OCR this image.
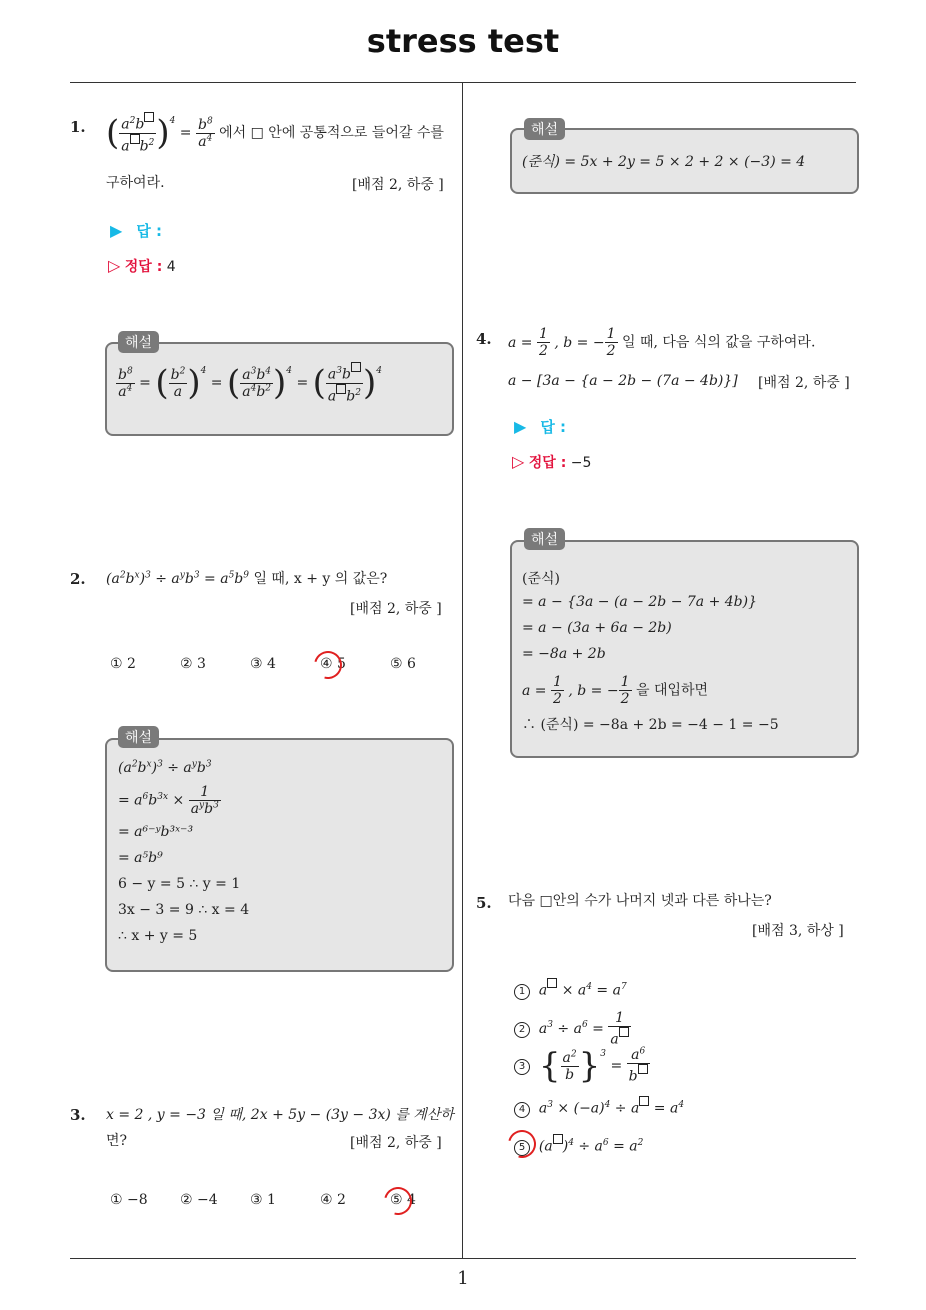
stress test
1. ( $\frac{a^2b}{a b^2} )^4 = \frac{b^8}{a^4}$ 에서 □ 안에 공통적으로 들어갈 수를
구하여라.	[배점 2, 하중 ]
▶ 답 :
▷ 정답 : 4
해설
$\frac{b^8}{a^4}$ = ( $\frac{b^2}{a} )^4$ = ( $\frac{a^3b^4}{a^4b^2} )^4$ = ( $\frac{a^3b}{a b^2} )^4$
2. $(a^2b^x)^3 \div a^yb^3 = a^5b^9$ 일 때, x + y 의 값은?
[배점 2, 하중 ]
① 2	② 3	③ 4	④ 5	⑤ 6
해설
$(a^2b^x)^3 \div a^yb^3$
= $a^6b^{3x} \times \frac{1}{a^yb^3}$
= a⁶⁻ʸb³ˣ⁻³
= a⁵b⁹
6 − y = 5 ∴ y = 1
3x − 3 = 9 ∴ x = 4
∴ x + y = 5
3. x = 2 , y = −3 일 때, 2x + 5y − (3y − 3x) 를 계산하
면?	[배점 2, 하중 ]
① −8 ② −4 ③ 1	④ 2	⑤ 4
해설
(준식) = 5x + 2y = 5 × 2 + 2 × (−3) = 4
4. $a = \frac{1}{2}$ , b = − $\frac{1}{2}$ 일 때, 다음 식의 값을 구하여라.
a − [3a − {a − 2b − (7a − 4b)}] [배점 2, 하중 ]
▶ 답 :
▷ 정답 : −5
해설
(준식)
= a − {3a − (a − 2b − 7a + 4b)}
= a − (3a + 6a − 2b)
= −8a + 2b
$a = \frac{1}{2}$ , b = − $\frac{1}{2}$ 을 대입하면
∴ (준식) = −8a + 2b = −4 − 1 = −5
5. 다음 □안의 수가 나머지 넷과 다른 하나는?
[배점 3, 하상 ]
1  $a \times a^4 = a^7$
2  $a^3 \div a^6 = \frac{1}{a}$
3 { $\frac{a^2}{b} \}^3 = \frac{a^6}{b}$
4  $a^3 \times (-a)^4 \div a = a^4$
5  (a )$^4 \div a^6 = a^2$
1
